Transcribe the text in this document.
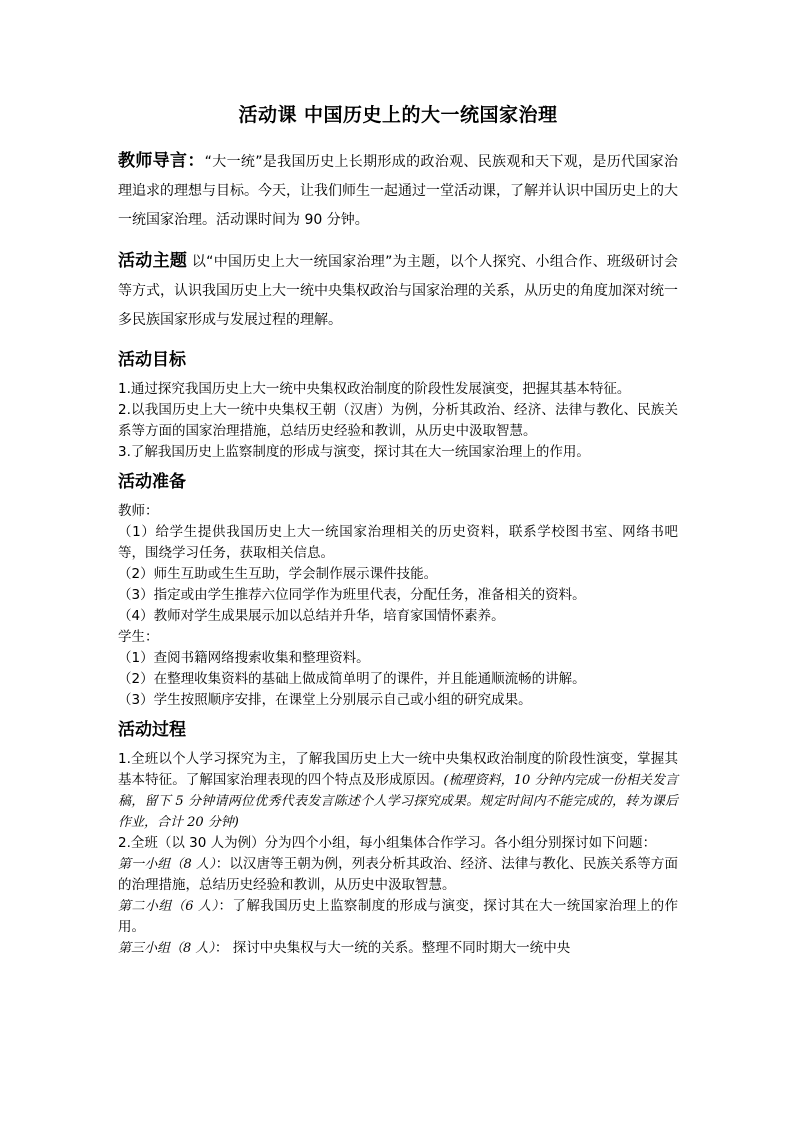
活动课 中国历史上的大一统国家治理

教师导言：“大一统”是我国历史上长期形成的政治观、民族观和天下观，是历代国家治理追求的理想与目标。今天，让我们师生一起通过一堂活动课，了解并认识中国历史上的大一统国家治理。活动课时间为 90 分钟。

活动主题 以“中国历史上大一统国家治理”为主题，以个人探究、小组合作、班级研讨会等方式，认识我国历史上大一统中央集权政治与国家治理的关系，从历史的角度加深对统一多民族国家形成与发展过程的理解。

活动目标

1.通过探究我国历史上大一统中央集权政治制度的阶段性发展演变，把握其基本特征。

2.以我国历史上大一统中央集权王朝（汉唐）为例，分析其政治、经济、法律与教化、民族关系等方面的国家治理措施，总结历史经验和教训，从历史中汲取智慧。

3.了解我国历史上监察制度的形成与演变，探讨其在大一统国家治理上的作用。

活动准备

教师：

（1）给学生提供我国历史上大一统国家治理相关的历史资料，联系学校图书室、网络书吧等，围绕学习任务，获取相关信息。

（2）师生互助或生生互助，学会制作展示课件技能。

（3）指定或由学生推荐六位同学作为班里代表，分配任务，准备相关的资料。

（4）教师对学生成果展示加以总结并升华，培育家国情怀素养。

学生：

（1）查阅书籍网络搜索收集和整理资料。

（2）在整理收集资料的基础上做成简单明了的课件，并且能通顺流畅的讲解。

（3）学生按照顺序安排，在课堂上分别展示自己或小组的研究成果。

活动过程

1.全班以个人学习探究为主，了解我国历史上大一统中央集权政治制度的阶段性演变，掌握其基本特征。了解国家治理表现的四个特点及形成原因。(梳理资料，10 分钟内完成一份相关发言稿，留下 5 分钟请两位优秀代表发言陈述个人学习探究成果。规定时间内不能完成的，转为课后作业，合计 20 分钟)

2.全班（以 30 人为例）分为四个小组，每小组集体合作学习。各小组分别探讨如下问题：

第一小组（8 人）：以汉唐等王朝为例，列表分析其政治、经济、法律与教化、民族关系等方面的治理措施，总结历史经验和教训，从历史中汲取智慧。

第二小组（6 人）：了解我国历史上监察制度的形成与演变，探讨其在大一统国家治理上的作用。

第三小组（8 人）： 探讨中央集权与大一统的关系。整理不同时期大一统中央
